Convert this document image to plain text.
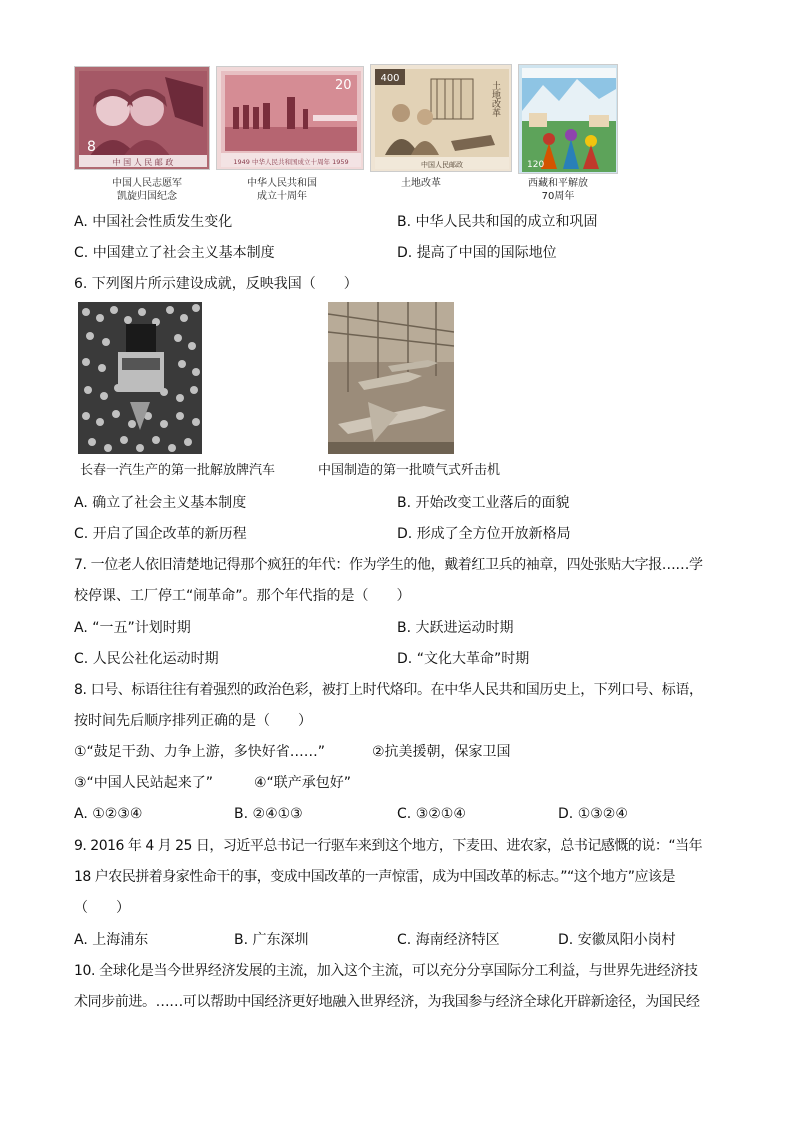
8
中 国 人 民 邮 政
中国人民志愿军
凯旋归国纪念
20
1949 中华人民共和国成立十周年 1959
中华人民共和国
成立十周年
400
土地改革
中国人民邮政
土地改革
120
西藏和平解放
70周年
A. 中国社会性质发生变化	B. 中华人民共和国的成立和巩固
C. 中国建立了社会主义基本制度	D. 提高了中国的国际地位
6. 下列图片所示建设成就，反映我国（　　）
长春一汽生产的第一批解放牌汽车	中国制造的第一批喷气式歼击机
A. 确立了社会主义基本制度	B. 开始改变工业落后的面貌
C. 开启了国企改革的新历程	D. 形成了全方位开放新格局
7. 一位老人依旧清楚地记得那个疯狂的年代：作为学生的他，戴着红卫兵的袖章，四处张贴大字报……学
校停课、工厂停工“闹革命”。那个年代指的是（　　）
A. “一五”计划时期	B. 大跃进运动时期
C. 人民公社化运动时期	D. “文化大革命”时期
8. 口号、标语往往有着强烈的政治色彩，被打上时代烙印。在中华人民共和国历史上，下列口号、标语，
按时间先后顺序排列正确的是（　　）
①“鼓足干劲、力争上游，多快好省……”	②抗美援朝，保家卫国
③“中国人民站起来了”	④“联产承包好”
A. ①②③④	B. ②④①③	C. ③②①④	D. ①③②④
9. 2016 年 4 月 25 日，习近平总书记一行驱车来到这个地方，下麦田、进农家，总书记感慨的说：“当年
18 户农民拼着身家性命干的事，变成中国改革的一声惊雷，成为中国改革的标志。”“这个地方”应该是
（　　）
A. 上海浦东	B. 广东深圳	C. 海南经济特区	D. 安徽凤阳小岗村
10. 全球化是当今世界经济发展的主流，加入这个主流，可以充分分享国际分工利益，与世界先进经济技
术同步前进。……可以帮助中国经济更好地融入世界经济，为我国参与经济全球化开辟新途径，为国民经
